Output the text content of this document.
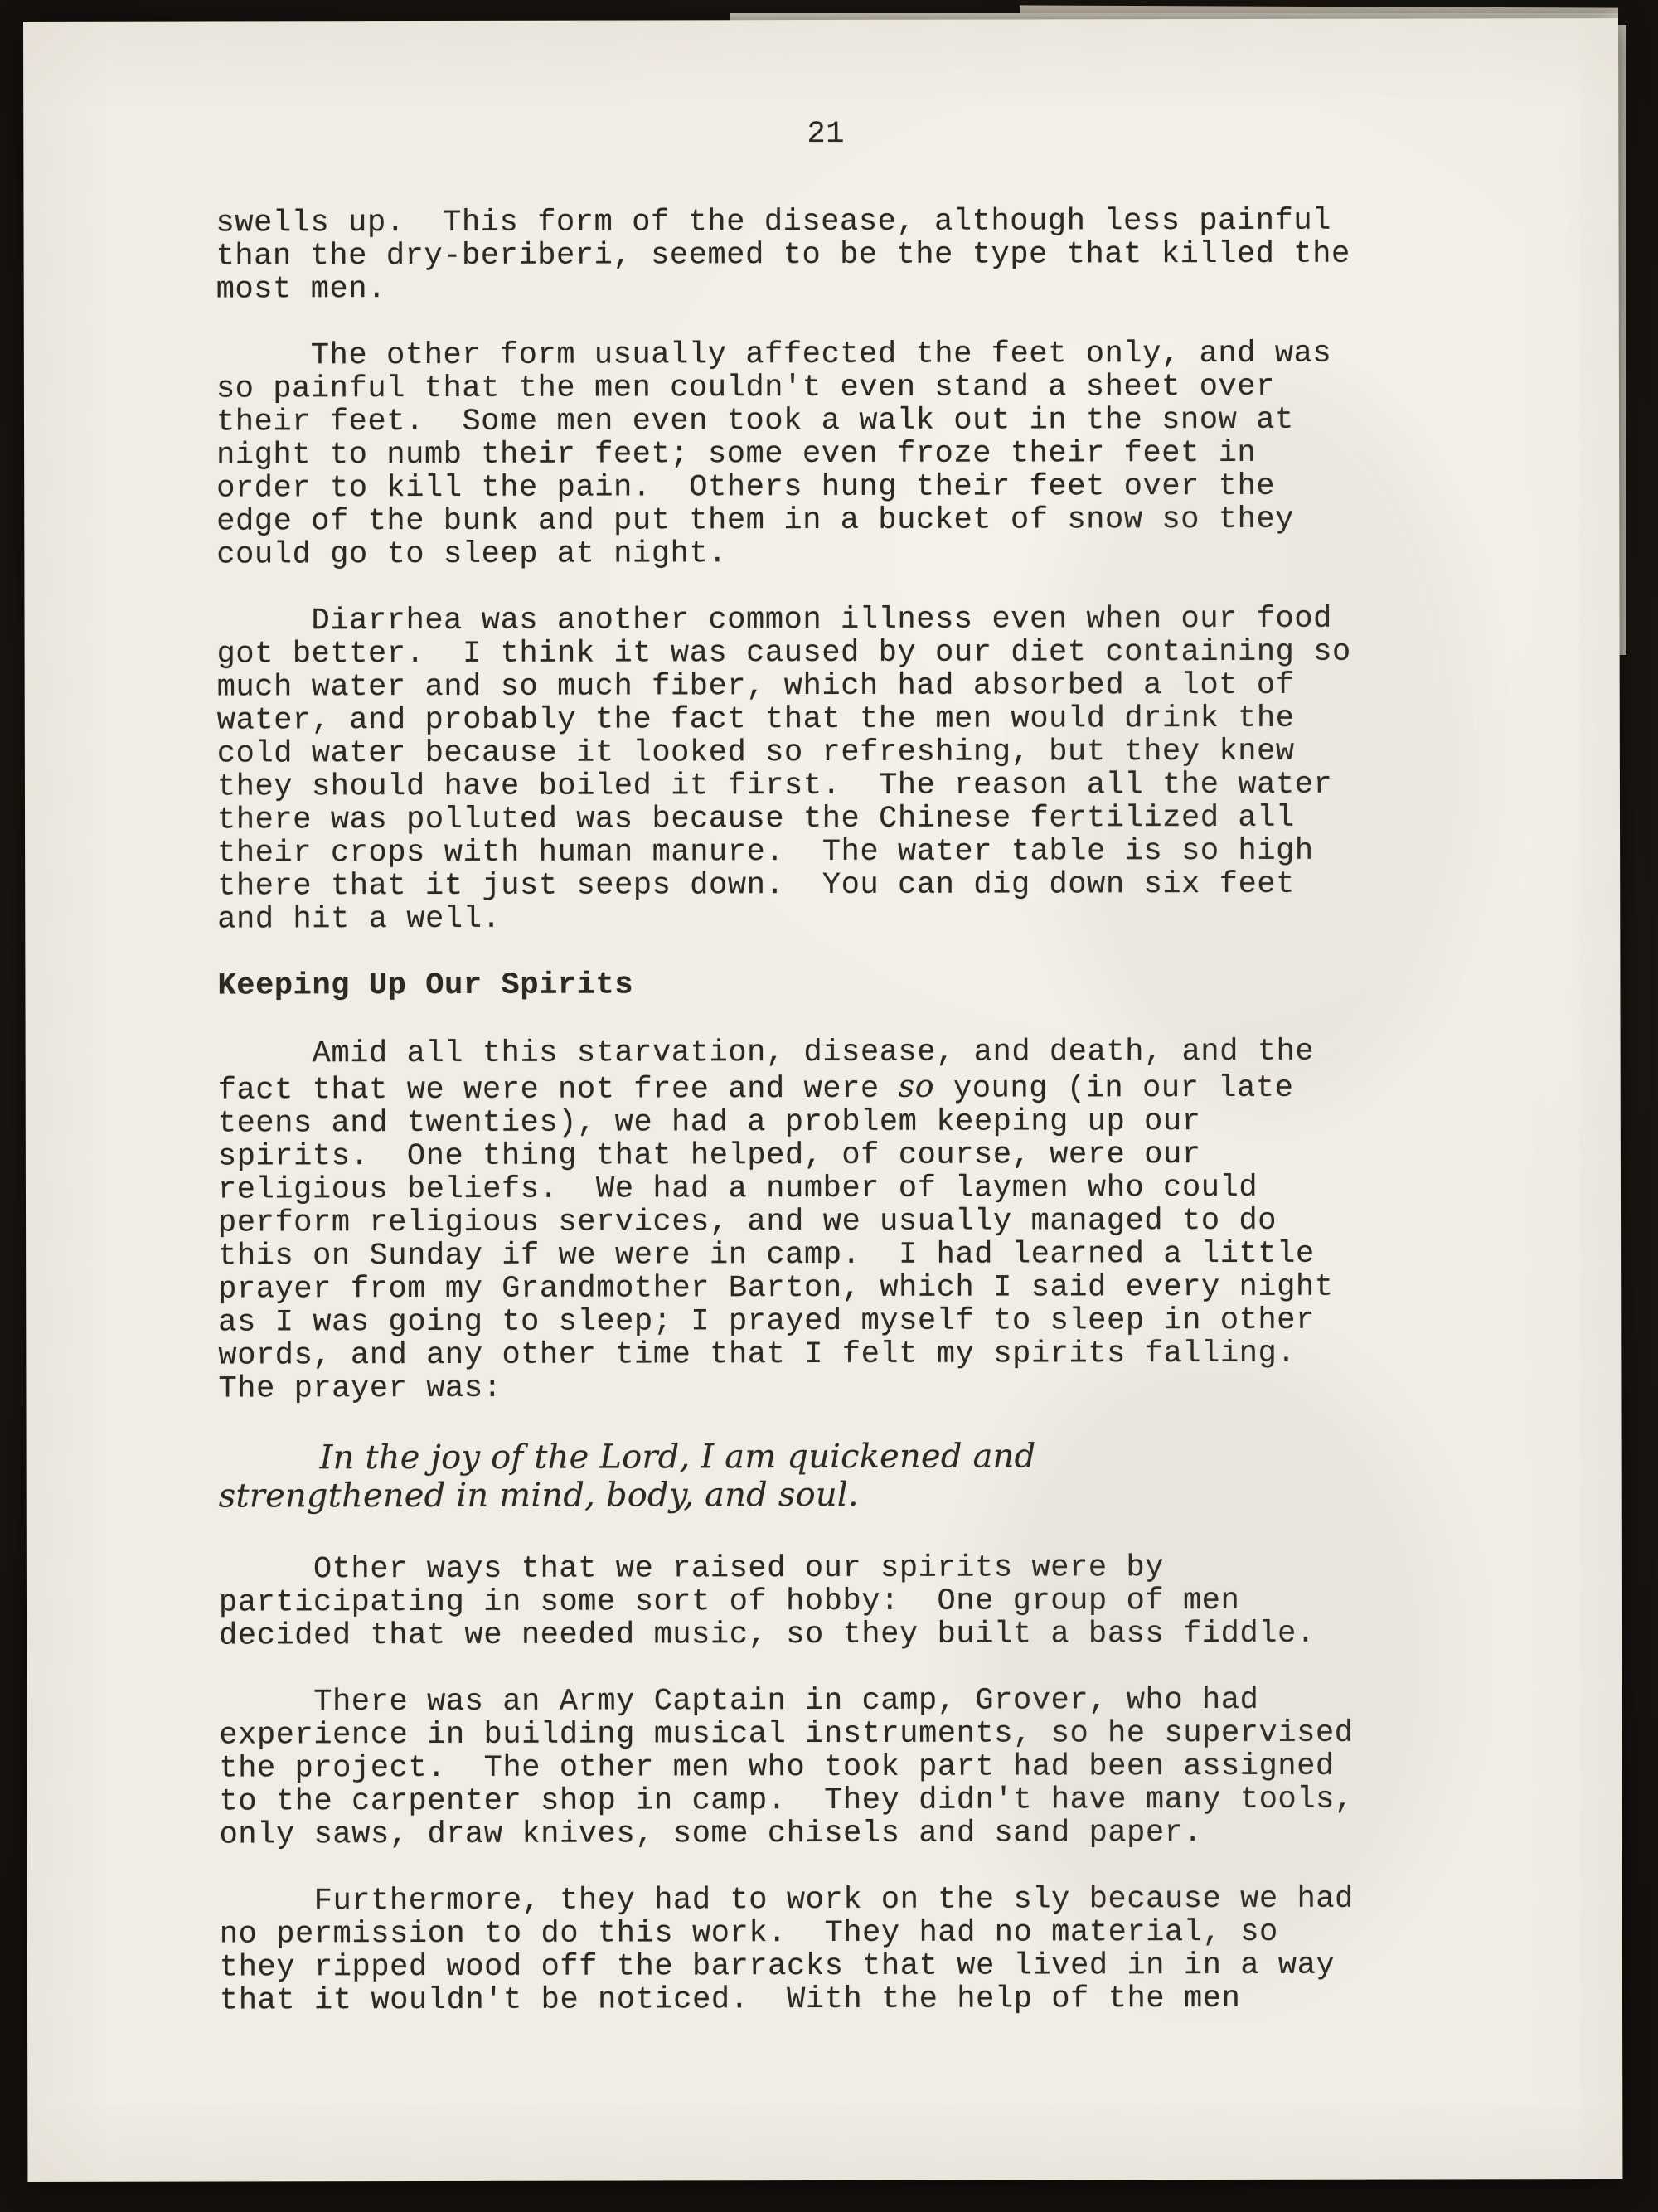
21

swells up.  This form of the disease, although less painful
than the dry-beriberi, seemed to be the type that killed the
most men.

The other form usually affected the feet only, and was
so painful that the men couldn't even stand a sheet over
their feet.  Some men even took a walk out in the snow at
night to numb their feet; some even froze their feet in
order to kill the pain.  Others hung their feet over the
edge of the bunk and put them in a bucket of snow so they
could go to sleep at night.

Diarrhea was another common illness even when our food
got better.  I think it was caused by our diet containing so
much water and so much fiber, which had absorbed a lot of
water, and probably the fact that the men would drink the
cold water because it looked so refreshing, but they knew
they should have boiled it first.  The reason all the water
there was polluted was because the Chinese fertilized all
their crops with human manure.  The water table is so high
there that it just seeps down.  You can dig down six feet
and hit a well.

Keeping Up Our Spirits

Amid all this starvation, disease, and death, and the
fact that we were not free and were so young (in our late
teens and twenties), we had a problem keeping up our
spirits.  One thing that helped, of course, were our
religious beliefs.  We had a number of laymen who could
perform religious services, and we usually managed to do
this on Sunday if we were in camp.  I had learned a little
prayer from my Grandmother Barton, which I said every night
as I was going to sleep; I prayed myself to sleep in other
words, and any other time that I felt my spirits falling.
The prayer was:

In the joy of the Lord, I am quickened and
strengthened in mind, body, and soul.

Other ways that we raised our spirits were by
participating in some sort of hobby:  One group of men
decided that we needed music, so they built a bass fiddle.

There was an Army Captain in camp, Grover, who had
experience in building musical instruments, so he supervised
the project.  The other men who took part had been assigned
to the carpenter shop in camp.  They didn't have many tools,
only saws, draw knives, some chisels and sand paper.

Furthermore, they had to work on the sly because we had
no permission to do this work.  They had no material, so
they ripped wood off the barracks that we lived in in a way
that it wouldn't be noticed.  With the help of the men
